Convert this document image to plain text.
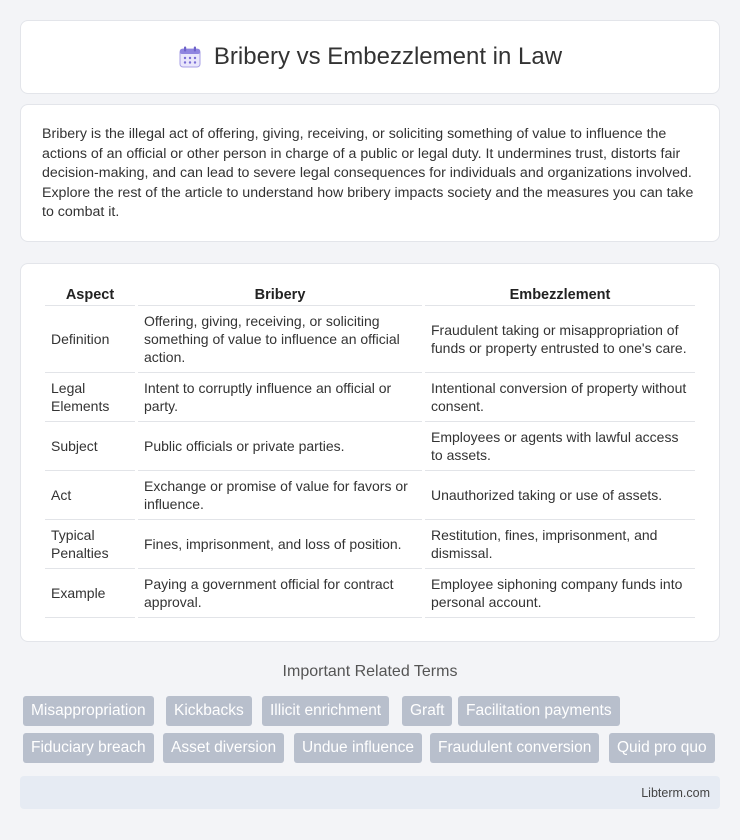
Bribery vs Embezzlement in Law

Bribery is the illegal act of offering, giving, receiving, or soliciting something of value to influence the actions of an official or other person in charge of a public or legal duty. It undermines trust, distorts fair decision-making, and can lead to severe legal consequences for individuals and organizations involved. Explore the rest of the article to understand how bribery impacts society and the measures you can take to combat it.

Aspect	Bribery	Embezzlement
Definition	Offering, giving, receiving, or soliciting something of value to influence an official action.	Fraudulent taking or misappropriation of funds or property entrusted to one's care.
Legal Elements	Intent to corruptly influence an official or party.	Intentional conversion of property without consent.
Subject	Public officials or private parties.	Employees or agents with lawful access to assets.
Act	Exchange or promise of value for favors or influence.	Unauthorized taking or use of assets.
Typical Penalties	Fines, imprisonment, and loss of position.	Restitution, fines, imprisonment, and dismissal.
Example	Paying a government official for contract approval.	Employee siphoning company funds into personal account.
Important Related Terms
Misappropriation	Kickbacks	Illicit enrichment	Graft	Facilitation payments
Fiduciary breach	Asset diversion	Undue influence	Fraudulent conversion	Quid pro quo
Libterm.com
